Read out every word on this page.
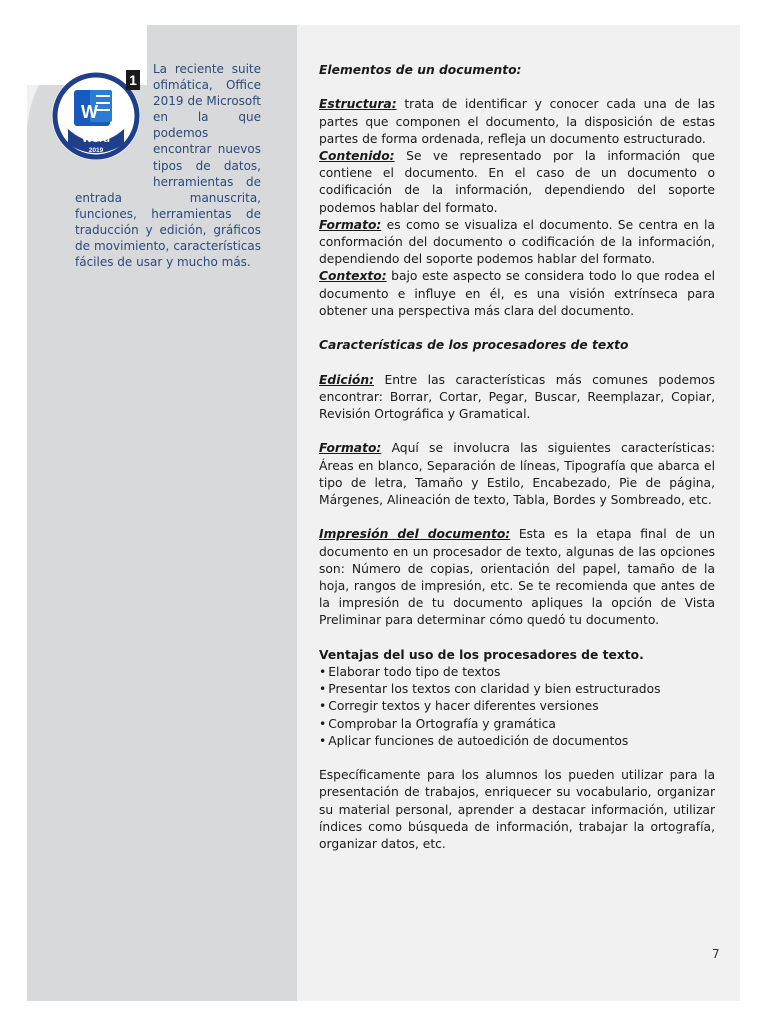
W
Word
2019
1
La reciente suite ofimática, Office 2019 de Microsoft en la que podemos encontrar nuevos tipos de datos, herramientas de entrada manuscrita, funciones, herramientas de traducción y edición, gráficos de movimiento, características fáciles de usar y mucho más.

Elementos de un documento:

Estructura: trata de identificar y conocer cada una de las partes que componen el documento, la disposición de estas partes de forma ordenada, refleja un documento estructurado.

Contenido: Se ve representado por la información que contiene el documento. En el caso de un documento o codificación de la información, dependiendo del soporte podemos hablar del formato.

Formato: es como se visualiza el documento. Se centra en la conformación del documento o codificación de la información, dependiendo del soporte podemos hablar del formato.

Contexto: bajo este aspecto se considera todo lo que rodea el documento e influye en él, es una visión extrínseca para obtener una perspectiva más clara del documento.

Características de los procesadores de texto

Edición: Entre las características más comunes podemos encontrar: Borrar, Cortar, Pegar, Buscar, Reemplazar, Copiar, Revisión Ortográfica y Gramatical.

Formato: Aquí se involucra las siguientes características: Áreas en blanco, Separación de líneas, Tipografía que abarca el tipo de letra, Tamaño y Estilo, Encabezado, Pie de página, Márgenes, Alineación de texto, Tabla, Bordes y Sombreado, etc.

Impresión del documento: Esta es la etapa final de un documento en un procesador de texto, algunas de las opciones son: Número de copias, orientación del papel, tamaño de la hoja, rangos de impresión, etc. Se te recomienda que antes de la impresión de tu documento apliques la opción de Vista Preliminar para determinar cómo quedó tu documento.

Ventajas del uso de los procesadores de texto.

• Elaborar todo tipo de textos
• Presentar los textos con claridad y bien estructurados
• Corregir textos y hacer diferentes versiones
• Comprobar la Ortografía y gramática
• Aplicar funciones de autoedición de documentos

Específicamente para los alumnos los pueden utilizar para la presentación de trabajos, enriquecer su vocabulario, organizar su material personal, aprender a destacar información, utilizar índices como búsqueda de información, trabajar la ortografía, organizar datos, etc.

7
